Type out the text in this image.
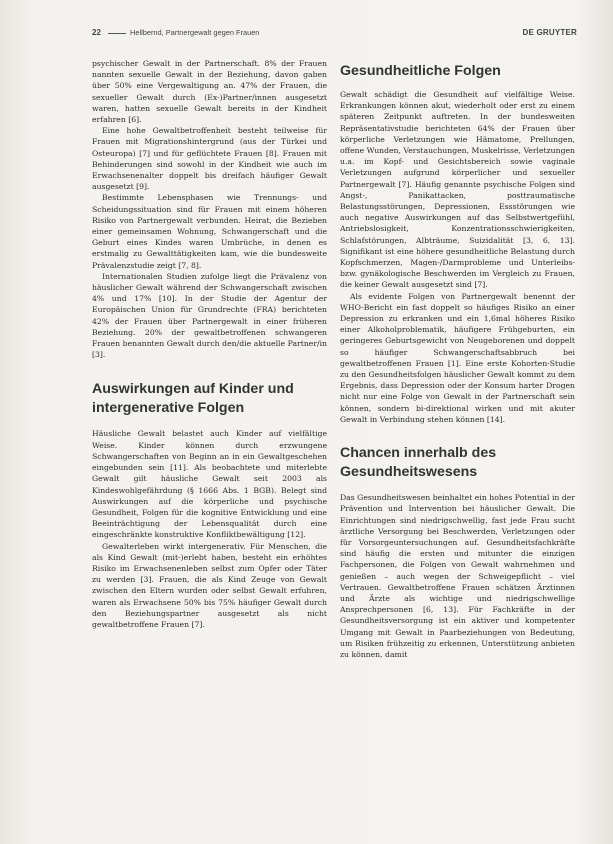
22	Hellbernd, Partnergewalt gegen Frauen	DE GRUYTER

psychischer Gewalt in der Partnerschaft. 8% der Frauen nannten sexuelle Gewalt in der Beziehung, davon gaben über 50% eine Vergewaltigung an. 47% der Frauen, die sexueller Gewalt durch (Ex-)Partner/innen ausgesetzt waren, hatten sexuelle Gewalt bereits in der Kindheit erfahren [6].

Eine hohe Gewaltbetroffenheit besteht teilweise für Frauen mit Migrationshintergrund (aus der Türkei und Osteuropa) [7] und für geflüchtete Frauen [8]. Frauen mit Behinderungen sind sowohl in der Kindheit wie auch im Erwachsenenalter doppelt bis dreifach häufiger Gewalt ausgesetzt [9].

Bestimmte Lebensphasen wie Trennungs- und Scheidungssituation sind für Frauen mit einem höheren Risiko von Partnergewalt verbunden. Heirat, die Bezieben einer gemeinsamen Wohnung, Schwangerschaft und die Geburt eines Kindes waren Umbrüche, in denen es erstmalig zu Gewalttätigkeiten kam, wie die bundesweite Prävalenzstudie zeigt [7, 8].

Internationalen Studien zufolge liegt die Prävalenz von häuslicher Gewalt während der Schwangerschaft zwischen 4% und 17% [10]. In der Studie der Agentur der Europäischen Union für Grundrechte (FRA) berichteten 42% der Frauen über Partnergewalt in einer früheren Beziehung. 20% der gewaltbetroffenen schwangeren Frauen benannten Gewalt durch den/die aktuelle Partner/in [3].

Auswirkungen auf Kinder und intergenerative Folgen

Häusliche Gewalt belastet auch Kinder auf vielfältige Weise. Kinder können durch erzwungene Schwangerschaften von Beginn an in ein Gewaltgeschehen eingebunden sein [11]. Als beobachtete und miterlebte Gewalt gilt häusliche Gewalt seit 2003 als Kindeswohlgefährdung (§ 1666 Abs. 1 BGB). Belegt sind Auswirkungen auf die körperliche und psychische Gesundheit, Folgen für die kognitive Entwicklung und eine Beeinträchtigung der Lebensqualität durch eine eingeschränkte konstruktive Konfliktbewältigung [12].

Gewalterleben wirkt intergenerativ. Für Menschen, die als Kind Gewalt (mit-)erlebt haben, besteht ein erhöhtes Risiko im Erwachsenenleben selbst zum Opfer oder Täter zu werden [3]. Frauen, die als Kind Zeuge von Gewalt zwischen den Eltern wurden oder selbst Gewalt erfuhren, waren als Erwachsene 50% bis 75% häufiger Gewalt durch den Beziehungspartner ausgesetzt als nicht gewaltbetroffene Frauen [7].

Gesundheitliche Folgen

Gewalt schädigt die Gesundheit auf vielfältige Weise. Erkrankungen können akut, wiederholt oder erst zu einem späteren Zeitpunkt auftreten. In der bundesweiten Repräsentativstudie berichteten 64% der Frauen über körperliche Verletzungen wie Hämatome, Prellungen, offene Wunden, Verstauchungen, Muskelrisse, Verletzungen u.a. im Kopf- und Gesichtsbereich sowie vaginale Verletzungen aufgrund körperlicher und sexueller Partnergewalt [7]. Häufig genannte psychische Folgen sind Angst-, Panikattacken, posttraumatische Belastungsstörungen, Depressionen, Essstörungen wie auch negative Auswirkungen auf das Selbstwertgefühl, Antriebslosigkeit, Konzentrationsschwierigkeiten, Schlafstörungen, Albträume, Suizidalität [3, 6, 13]. Signifikant ist eine höhere gesundheitliche Belastung durch Kopfschmerzen, Magen-/Darmprobleme und Unterleibs- bzw. gynäkologische Beschwerden im Vergleich zu Frauen, die keiner Gewalt ausgesetzt sind [7].

Als evidente Folgen von Partnergewalt benennt der WHO-Bericht ein fast doppelt so häufiges Risiko an einer Depression zu erkranken und ein 1,6mal höheres Risiko einer Alkoholproblematik, häufigere Frühgeburten, ein geringeres Geburtsgewicht von Neugeborenen und doppelt so häufiger Schwangerschaftsabbruch bei gewaltbetroffenen Frauen [1]. Eine erste Kohorten-Studie zu den Gesundheitsfolgen häuslicher Gewalt kommt zu dem Ergebnis, dass Depression oder der Konsum harter Drogen nicht nur eine Folge von Gewalt in der Partnerschaft sein können, sondern bi-direktional wirken und mit akuter Gewalt in Verbindung stehen können [14].

Chancen innerhalb des Gesundheitswesens

Das Gesundheitswesen beinhaltet ein hohes Potential in der Prävention und Intervention bei häuslicher Gewalt. Die Einrichtungen sind niedrigschwellig, fast jede Frau sucht ärztliche Versorgung bei Beschwerden, Verletzungen oder für Vorsorgeuntersuchungen auf. Gesundheitsfachkräfte sind häufig die ersten und mitunter die einzigen Fachpersonen, die Folgen von Gewalt wahrnehmen und genießen – auch wegen der Schweigepflicht – viel Vertrauen. Gewaltbetroffene Frauen schätzen Ärztinnen und Ärzte als wichtige und niedrigschwellige Ansprechpersonen [6, 13]. Für Fachkräfte in der Gesundheitsversorgung ist ein aktiver und kompetenter Umgang mit Gewalt in Paarbeziehungen von Bedeutung, um Risiken frühzeitig zu erkennen, Unterstützung anbieten zu können, damit
